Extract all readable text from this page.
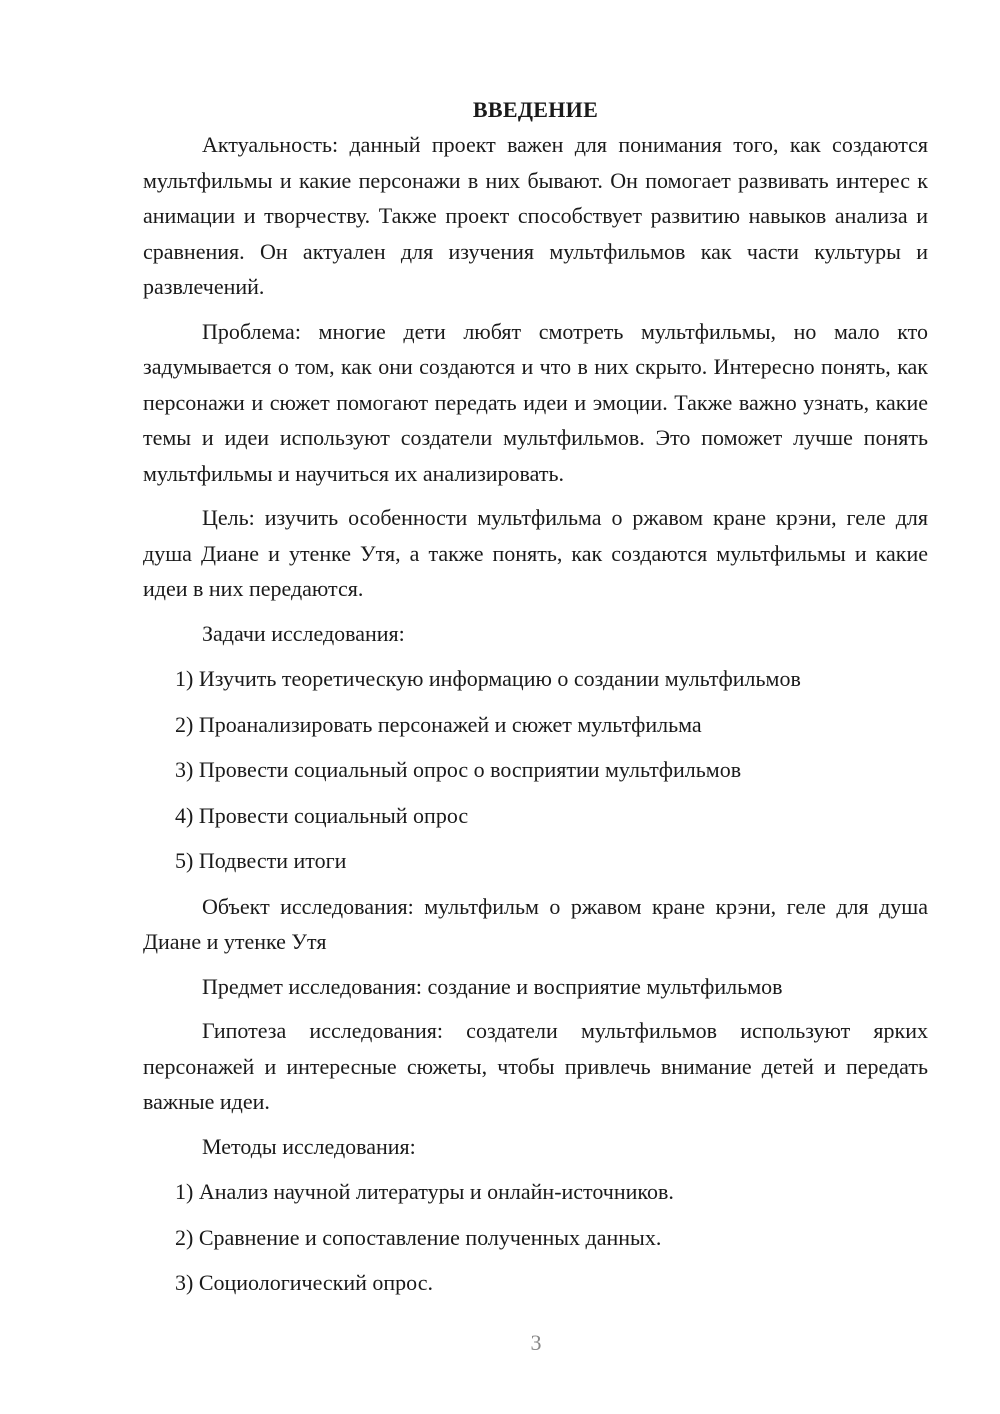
ВВЕДЕНИЕ

Актуальность: данный проект важен для понимания того, как создаются мультфильмы и какие персонажи в них бывают. Он помогает развивать интерес к анимации и творчеству. Также проект способствует развитию навыков анализа и сравнения. Он актуален для изучения мультфильмов как части культуры и развлечений.

Проблема: многие дети любят смотреть мультфильмы, но мало кто задумывается о том, как они создаются и что в них скрыто. Интересно понять, как персонажи и сюжет помогают передать идеи и эмоции. Также важно узнать, какие темы и идеи используют создатели мультфильмов. Это поможет лучше понять мультфильмы и научиться их анализировать.

Цель: изучить особенности мультфильма о ржавом кране крэни, геле для душа Диане и утенке Утя, а также понять, как создаются мультфильмы и какие идеи в них передаются.

Задачи исследования:

1) Изучить теоретическую информацию о создании мультфильмов

2) Проанализировать персонажей и сюжет мультфильма

3) Провести социальный опрос о восприятии мультфильмов

4) Провести социальный опрос

5) Подвести итоги

Объект исследования: мультфильм о ржавом кране крэни, геле для душа Диане и утенке Утя

Предмет исследования: создание и восприятие мультфильмов

Гипотеза исследования: создатели мультфильмов используют ярких персонажей и интересные сюжеты, чтобы привлечь внимание детей и передать важные идеи.

Методы исследования:

1) Анализ научной литературы и онлайн-источников.

2) Сравнение и сопоставление полученных данных.

3) Социологический опрос.

3
